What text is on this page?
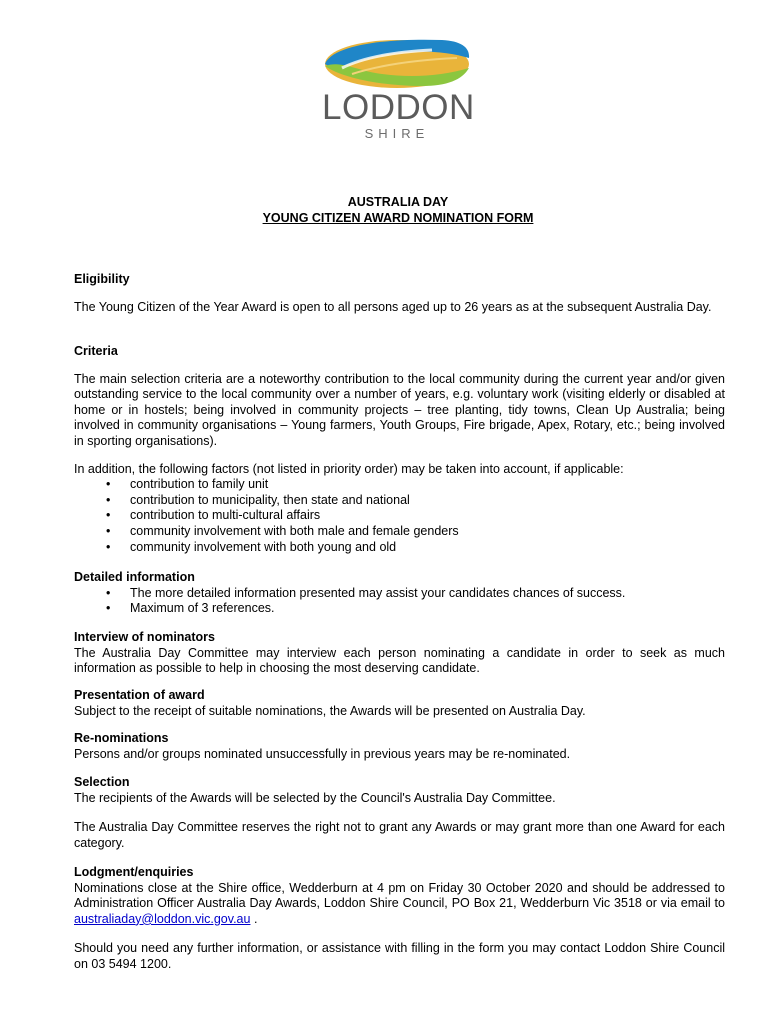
LODDON
SHIRE
AUSTRALIA DAY
YOUNG CITIZEN AWARD NOMINATION FORM
Eligibility

The Young Citizen of the Year Award is open to all persons aged up to 26 years as at the subsequent Australia Day.

Criteria

The main selection criteria are a noteworthy contribution to the local community during the current year and/or given outstanding service to the local community over a number of years, e.g. voluntary work (visiting elderly or disabled at home or in hostels; being involved in community projects – tree planting, tidy towns, Clean Up Australia; being involved in community organisations – Young farmers, Youth Groups, Fire brigade, Apex, Rotary, etc.; being involved in sporting organisations).

In addition, the following factors (not listed in priority order) may be taken into account, if applicable:

• contribution to family unit
• contribution to municipality, then state and national
• contribution to multi-cultural affairs
• community involvement with both male and female genders
• community involvement with both young and old
Detailed information
• The more detailed information presented may assist your candidates chances of success.
• Maximum of 3 references.
Interview of nominators

The Australia Day Committee may interview each person nominating a candidate in order to seek as much information as possible to help in choosing the most deserving candidate.

Presentation of award

Subject to the receipt of suitable nominations, the Awards will be presented on Australia Day.

Re-nominations

Persons and/or groups nominated unsuccessfully in previous years may be re-nominated.

Selection

The recipients of the Awards will be selected by the Council's Australia Day Committee.

The Australia Day Committee reserves the right not to grant any Awards or may grant more than one Award for each category.

Lodgment/enquiries

Nominations close at the Shire office, Wedderburn at 4 pm on Friday 30 October 2020 and should be addressed to Administration Officer Australia Day Awards, Loddon Shire Council, PO Box 21, Wedderburn Vic 3518 or via email to australiaday@loddon.vic.gov.au .

Should you need any further information, or assistance with filling in the form you may contact Loddon Shire Council on 03 5494 1200.
